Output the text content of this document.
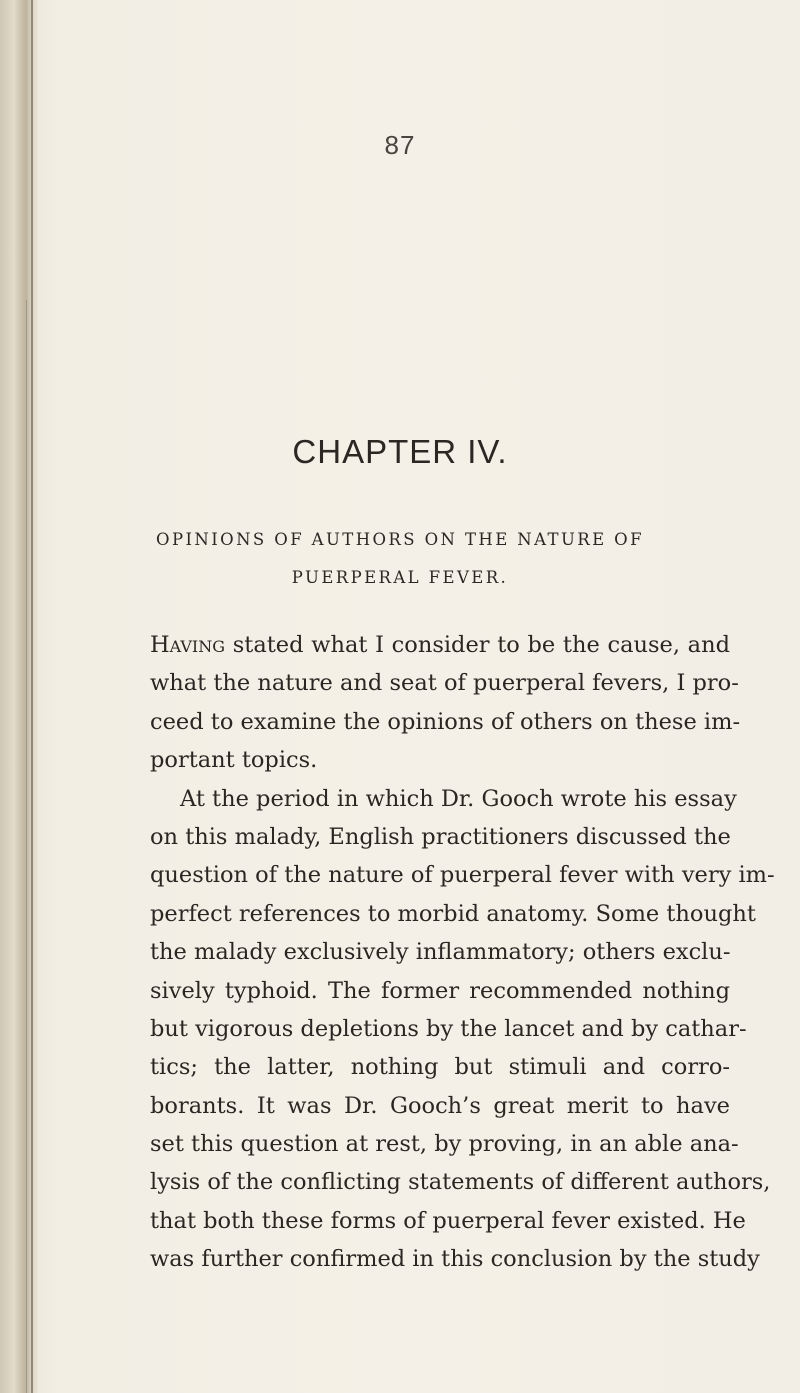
87
CHAPTER IV.
OPINIONS OF AUTHORS ON THE NATURE OF
PUERPERAL FEVER.
Having stated what I consider to be the cause, and
what the nature and seat of puerperal fevers, I pro-
ceed to examine the opinions of others on these im-
portant topics.
At the period in which Dr. Gooch wrote his essay
on this malady, English practitioners discussed the
question of the nature of puerperal fever with very im-
perfect references to morbid anatomy. Some thought
the malady exclusively inflammatory; others exclu-
sively typhoid. The former recommended nothing
but vigorous depletions by the lancet and by cathar-
tics; the latter, nothing but stimuli and corro-
borants. It was Dr. Gooch’s great merit to have
set this question at rest, by proving, in an able ana-
lysis of the conflicting statements of different authors,
that both these forms of puerperal fever existed. He
was further confirmed in this conclusion by the study
